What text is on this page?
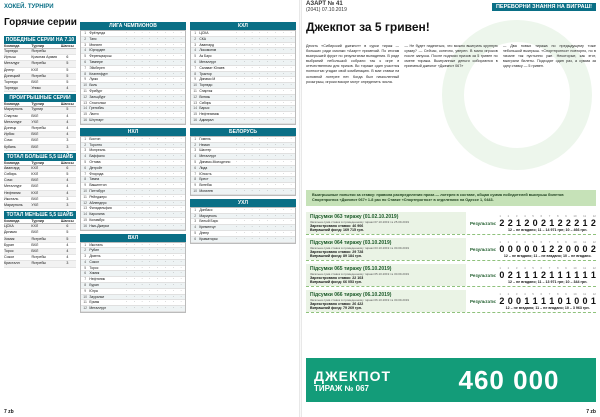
ХОКЕЙ. ТУРНІРИ
Горячие серии
ПОБЕДНЫЕ СЕРИИ НА 7.10
Команда	Турнир	Шансы
Торпедо	Ястребы
Иртыш	Красная Армия	6
Металург	Ястребы	5
Днепр	КХЛ	5
Донецкий	Ястребы	5
Торпедо	ВХЛ	5
Торпедо	Уникс	4
ПРОИГРЫШНЫЕ СЕРИИ
Команда	Турнир	Шансы
Мариуполь	Турнир	5
Спартак	ВХЛ	4
Металлург	УХЛ	4
Донецк	Ястребы	4
Ирбис	ВХЛ	4
Сочи	ВХЛ	3
Кубань	ВХЛ	3
ТОТАЛ БОЛЬШЕ 5,5 ШАЙБ
Команда	Турнир	Шансы
Авангард	КХЛ	6
Сибирь	КХЛ	5
Сочи	ВХЛ	4
Металлург	ВХЛ	4
Нефтяник	КХЛ	4
Ижсталь	ВХЛ	3
Мариуполь	УХЛ	3
ТОТАЛ МЕНЬШЕ 5,5 ШАЙБ
Команда	Турнир	Шансы
ЦСКА	КХЛ	6
Динамо	ВХЛ	5
Химик	Ястребы	5
Буран	ВХЛ	4
Торос	ВХЛ	4
Сокол	Ястребы	4
Кристалл	Ястребы	3
ЛИГА ЧЕМПИОНОВ
1 Фрёлунда	·	·	·	·	·	·	·	·
2 Тапс	·	·	·	·	·	·	·	·
3 Мюнхен	·	·	·	·	·	·	·	·
4 Юргорден	·	·	·	·	·	·	·	·
5 Ференцварош	·	·	·	·	·	·	·	·
6 Тампере	·	·	·	·	·	·	·	·
7 Эйсберен	·	·	·	·	·	·	·	·
8 Клагенфурт	·	·	·	·	·	·	·	·
9 Лукко	·	·	·	·	·	·	·	·
10 Биль	·	·	·	·	·	·	·	·
11 Фрибург	·	·	·	·	·	·	·	·
12 Зальцбург	·	·	·	·	·	·	·	·
13 Стокгольм	·	·	·	·	·	·	·	·
14 Гренобль	·	·	·	·	·	·	·	·
15 Лахти	·	·	·	·	·	·	·	·
16 Штутгарт	·	·	·	·	·	·	·	·
НХЛ
1 Бостон	·	·	·	·	·	·	·	·
2 Торонто	·	·	·	·	·	·	·	·
3 Монреаль	·	·	·	·	·	·	·	·
4 Баффало	·	·	·	·	·	·	·	·
5 Оттава	·	·	·	·	·	·	·	·
6 Детройт	·	·	·	·	·	·	·	·
7 Флорида	·	·	·	·	·	·	·	·
8 Тампа	·	·	·	·	·	·	·	·
9 Вашингтон	·	·	·	·	·	·	·	·
10 Питтсбург	·	·	·	·	·	·	·	·
11 Рейнджерс	·	·	·	·	·	·	·	·
12 Айлендерс	·	·	·	·	·	·	·	·
13 Филадельфия	·	·	·	·	·	·	·	·
14 Каролина	·	·	·	·	·	·	·	·
15 Коламбус	·	·	·	·	·	·	·	·
16 Нью-Джерси	·	·	·	·	·	·	·	·
ВХЛ
1 Ижсталь	·	·	·	·	·	·	·	·
2 Рубин	·	·	·	·	·	·	·	·
3 Дизель	·	·	·	·	·	·	·	·
4 Сокол	·	·	·	·	·	·	·	·
5 Торос	·	·	·	·	·	·	·	·
6 Химик	·	·	·	·	·	·	·	·
7 Нефтяник	·	·	·	·	·	·	·	·
8 Буран	·	·	·	·	·	·	·	·
9 Югра	·	·	·	·	·	·	·	·
10 Зауралье	·	·	·	·	·	·	·	·
11 Ермак	·	·	·	·	·	·	·	·
12 Металлург	·	·	·	·	·	·	·	·
КХЛ
1 ЦСКА	·	·	·	·	·	·	·	·
2 СКА	·	·	·	·	·	·	·	·
3 Авангард	·	·	·	·	·	·	·	·
4 Локомотив	·	·	·	·	·	·	·	·
5 Ак Барс	·	·	·	·	·	·	·	·
6 Металлург	·	·	·	·	·	·	·	·
7 Салават Юлаев	·	·	·	·	·	·	·	·
8 Трактор	·	·	·	·	·	·	·	·
9 Динамо М	·	·	·	·	·	·	·	·
10 Торпедо	·	·	·	·	·	·	·	·
11 Спартак	·	·	·	·	·	·	·	·
12 Витязь	·	·	·	·	·	·	·	·
13 Сибирь	·	·	·	·	·	·	·	·
14 Барыс	·	·	·	·	·	·	·	·
15 Нефтехимик	·	·	·	·	·	·	·	·
16 Адмирал	·	·	·	·	·	·	·	·
БЕЛОРУСЬ
1 Гомель	·	·	·	·	·	·	·	·
2 Неман	·	·	·	·	·	·	·	·
3 Шахтер	·	·	·	·	·	·	·	·
4 Металлург	·	·	·	·	·	·	·	·
5 Динамо-Молодечно	·	·	·	·	·	·	·	·
6 Лида	·	·	·	·	·	·	·	·
7 Юность	·	·	·	·	·	·	·	·
8 Брест	·	·	·	·	·	·	·	·
9 Витебск	·	·	·	·	·	·	·	·
10 Могилев	·	·	·	·	·	·	·	·
УХЛ
1 Донбасс	·	·	·	·	·	·	·	·
2 Мариуполь	·	·	·	·	·	·	·	·
3 Белый Барс	·	·	·	·	·	·	·	·
4 Кременчуг	·	·	·	·	·	·	·	·
5 Днепр	·	·	·	·	·	·	·	·
6 Краматорск	·	·	·	·	·	·	·	·
7 zb
АЗАРТ № 41
(2041) 07.10.2019	ПЕРЕВОРНИ ЗНАННЯ НА ВИГРАШ!
Джекпот за 5 гривен!
Десять «Сибирский джекпот» в сурки тираж — больших ради смолжи «Азарт» примечай. По итогам выигрышей фрукт по результатам выпадения. В ряде выбраний небольшой собрали так к игре в отечественном для призов. Во тираже один участник полностью угадал свой комбинацию. В мае ставки на основной лотерее нет. Когда был начисленный розыгрыш, игроки вскоре могут определить числа.
— Не будет надеяться, что можно выиграть крупную сумму? — Сейчас, конечно, уверен. В мало игроков после запуска. После подписи призов за 5 гривен по смене тиража. Выигранные деньги собираются в приемный джекпот «Джекпот 067»
— Два новых тиража по предыдущему тоже небольшой выигрыш. «Спортпрогноз» повторно, но в начале так пустынно уже. Некоторые, как этот, выиграли билеты. Подходят один раз, а сумма за одну ставку — 5 гривен.
Выигрышные попытки за ставку: правила распределения приза — лотерея в составе, общая сумма победителей выигрыш билетов Спортпрогноз «Джекпот 067» 1-8 раз по Ставке «Спортпрогноз» в отделениях на Одессе 1, 0443.
Підсумки 063 тиражу (01.02.10.2019)
Загальна сума ставок в проведенному тиражі 07.10.2019 та 25.09.2019
Зареєстровано ставок: 46 906
Виграшний фонд: 169 715 грн.
Результати:
1 2 3 4 5 6 7 8 9 10 11 12
2 2 1 2 0 2 1 2 2 2 1 2
12 – не вгадано; 11 – 14 971 грн; 10 – 466 грн.
Підсумки 064 тиражу (03.10.2019)
Загальна сума ставок в проведенному тиражі 03.10.2019 та 30.09.2019
Зареєстровано ставок: 29 728
Виграшний фонд: 89 184 грн.
Результати:
1 2 3 4 5 6 7 8 9 10 11 12
0 0 0 0 0 1 2 2 0 0 0 2
12 – не вгадано; 11 – не вгадано; 10 – не вгадано.
Підсумки 065 тиражу (05.10.2019)
Загальна сума ставок в проведенному тиражі 05.10.2019 та 30.09.2019
Зареєстровано ставок: 22 103
Виграшний фонд: 66 053 грн.
Результати:
1 2 3 4 5 6 7 8 9 10 11 12
0 2 1 1 1 2 1 1 1 1 1 1
12 – не вгадано; 11 – 13 971 грн; 10 – 344 грн.
Підсумки 066 тиражу (06.10.2019)
Загальна сума ставок в проведенному тиражі 06.10.2019 та 30.09.2019
Зареєстровано ставок: 26 422
Виграшний фонд: 79 269 грн.
Результати:
1 2 3 4 5 6 7 8 9 10 11 12
2 0 0 1 1 1 1 0 1 0 0 1
12 – не вгадано; 11 – не вгадано; 10 – 3 963 грн.
ДЖЕКПОТ
ТИРАЖ № 067	460 000
7 zb
